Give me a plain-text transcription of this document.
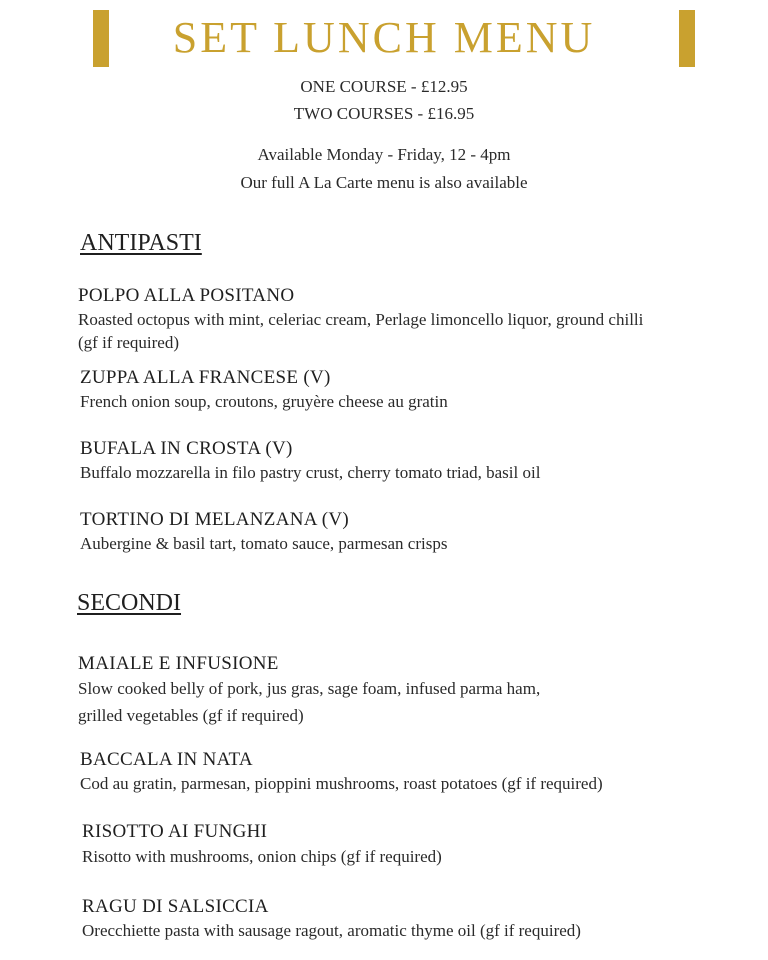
SET LUNCH MENU
ONE COURSE - £12.95
TWO COURSES - £16.95
Available Monday - Friday, 12 - 4pm
Our full A La Carte menu is also available
ANTIPASTI
POLPO ALLA POSITANO
Roasted octopus with mint, celeriac cream, Perlage limoncello liquor, ground chilli
(gf if required)
ZUPPA ALLA FRANCESE (V)
French onion soup, croutons, gruyère cheese au gratin
BUFALA IN CROSTA (V)
Buffalo mozzarella in filo pastry crust, cherry tomato triad, basil oil
TORTINO DI MELANZANA (V)
Aubergine & basil tart, tomato sauce, parmesan crisps
SECONDI
MAIALE E INFUSIONE
Slow cooked belly of pork, jus gras, sage foam, infused parma ham,
grilled vegetables (gf if required)
BACCALA IN NATA
Cod au gratin, parmesan, pioppini mushrooms, roast potatoes (gf if required)
RISOTTO AI FUNGHI
Risotto with mushrooms, onion chips (gf if required)
RAGU DI SALSICCIA
Orecchiette pasta with sausage ragout, aromatic thyme oil (gf if required)
